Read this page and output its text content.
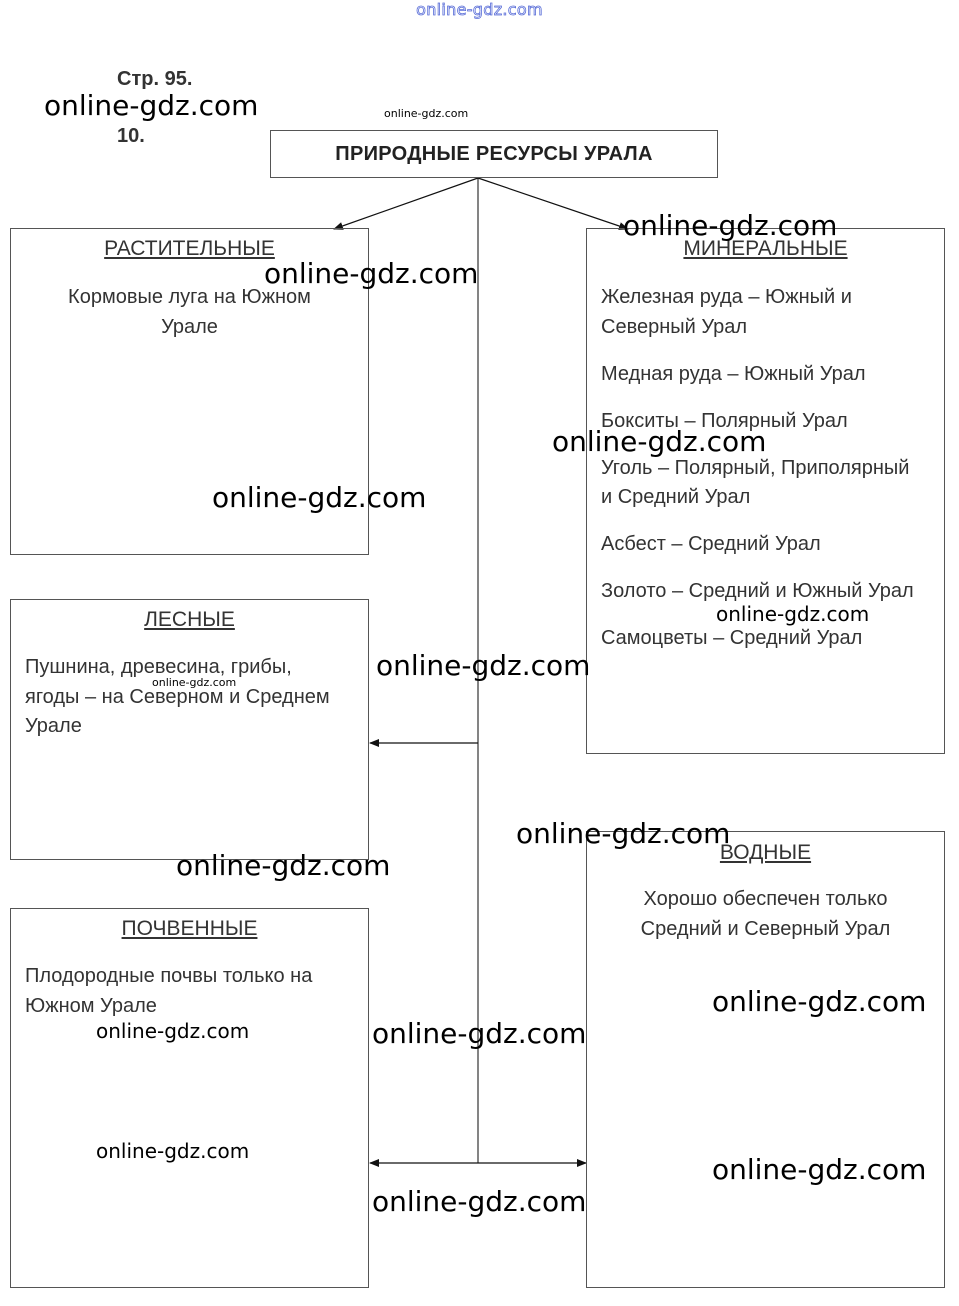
online-gdz.com
Стр. 95.
10.
ПРИРОДНЫЕ РЕСУРСЫ УРАЛА
РАСТИТЕЛЬНЫЕ
Кормовые луга на Южном Урале
МИНЕРАЛЬНЫЕ
Железная руда – Южный и Северный Урал
Медная руда – Южный Урал
Бокситы – Полярный Урал
Уголь – Полярный, Приполярный и Средний Урал
Асбест – Средний Урал
Золото – Средний и Южный Урал
Самоцветы – Средний Урал
ЛЕСНЫЕ
Пушнина, древесина, грибы, ягоды – на Северном и Среднем Урале
ВОДНЫЕ
Хорошо обеспечен только Средний и Северный Урал
ПОЧВЕННЫЕ
Плодородные почвы только на Южном Урале
online-gdz.com	online-gdz.com
online-gdz.com
online-gdz.com
online-gdz.com
online-gdz.com
online-gdz.com
online-gdz.com
online-gdz.com
online-gdz.com
online-gdz.com
online-gdz.com
online-gdz.com	online-gdz.com
online-gdz.com
online-gdz.com
online-gdz.com
